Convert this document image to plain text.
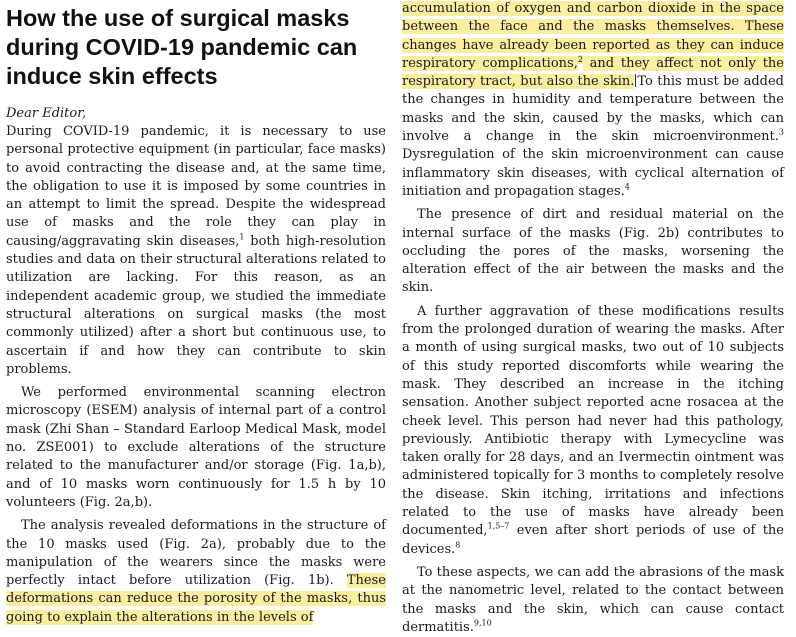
How the use of surgical masks during COVID-19 pandemic can induce skin effects

Dear Editor,

During COVID-19 pandemic, it is necessary to use personal protective equipment (in particular, face masks) to avoid contracting the disease and, at the same time, the obligation to use it is imposed by some countries in an attempt to limit the spread. Despite the widespread use of masks and the role they can play in causing/aggravating skin diseases,$^1$ both high-resolution studies and data on their structural alterations related to utilization are lacking. For this reason, as an independent academic group, we studied the immediate structural alterations on surgical masks (the most commonly utilized) after a short but continuous use, to ascertain if and how they can contribute to skin problems.

We performed environmental scanning electron microscopy (ESEM) analysis of internal part of a control mask (Zhi Shan – Standard Earloop Medical Mask, model no. ZSE001) to exclude alterations of the structure related to the manufacturer and/or storage (Fig. 1a,b), and of 10 masks worn continuously for 1.5 h by 10 volunteers (Fig. 2a,b).

The analysis revealed deformations in the structure of the 10 masks used (Fig. 2a), probably due to the manipulation of the wearers since the masks were perfectly intact before utilization (Fig. 1b). These deformations can reduce the porosity of the masks, thus going to explain the alterations in the levels of

accumulation of oxygen and carbon dioxide in the space between the face and the masks themselves. These changes have already been reported as they can induce respiratory complications,$^2$ and they affect not only the respiratory tract, but also the skin. To this must be added the changes in humidity and temperature between the masks and the skin, caused by the masks, which can involve a change in the skin microenvironment.$^3$ Dysregulation of the skin microenvironment can cause inflammatory skin diseases, with cyclical alternation of initiation and propagation stages.$^4$

The presence of dirt and residual material on the internal surface of the masks (Fig. 2b) contributes to occluding the pores of the masks, worsening the alteration effect of the air between the masks and the skin.

A further aggravation of these modifications results from the prolonged duration of wearing the masks. After a month of using surgical masks, two out of 10 subjects of this study reported discomforts while wearing the mask. They described an increase in the itching sensation. Another subject reported acne rosacea at the cheek level. This person had never had this pathology, previously. Antibiotic therapy with Lymecycline was taken orally for 28 days, and an Ivermectin ointment was administered topically for 3 months to completely resolve the disease. Skin itching, irritations and infections related to the use of masks have already been documented,$^{1,5-7}$ even after short periods of use of the devices.$^8$

To these aspects, we can add the abrasions of the mask at the nanometric level, related to the contact between the masks and the skin, which can cause contact dermatitis.$^{9,10}$
